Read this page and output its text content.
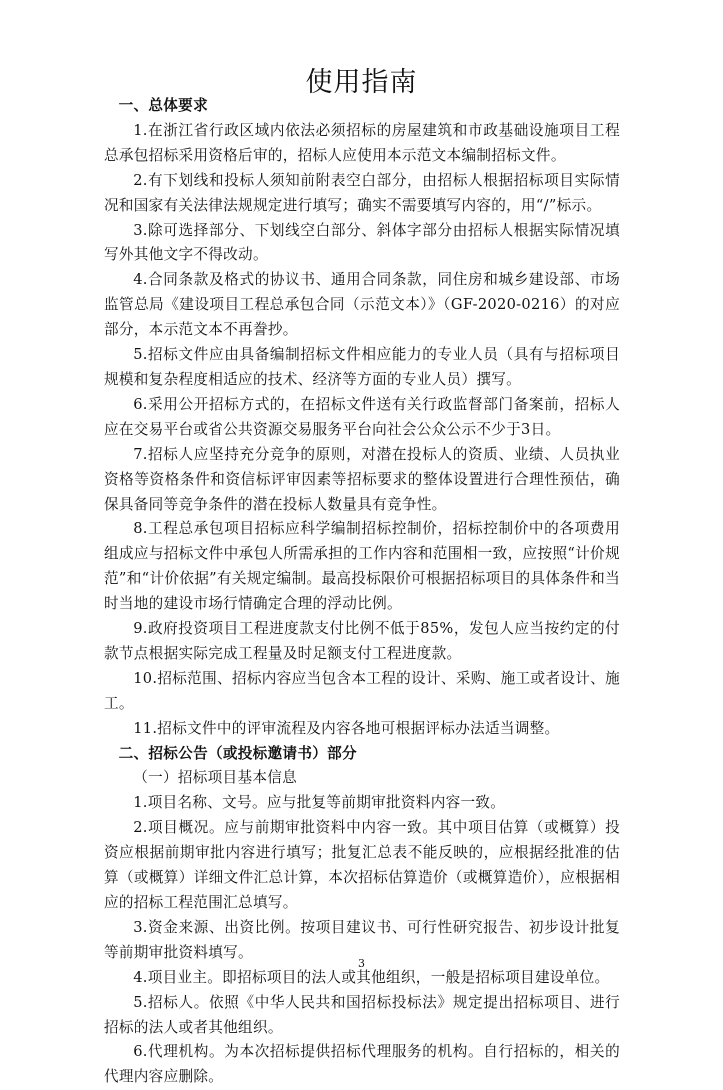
使用指南

一、总体要求

1.在浙江省行政区域内依法必须招标的房屋建筑和市政基础设施项目工程总承包招标采用资格后审的，招标人应使用本示范文本编制招标文件。

2.有下划线和投标人须知前附表空白部分，由招标人根据招标项目实际情况和国家有关法律法规规定进行填写；确实不需要填写内容的，用“/”标示。

3.除可选择部分、下划线空白部分、斜体字部分由招标人根据实际情况填写外其他文字不得改动。

4.合同条款及格式的协议书、通用合同条款，同住房和城乡建设部、市场监管总局《建设项目工程总承包合同（示范文本）》（GF-2020-0216）的对应部分，本示范文本不再誊抄。

5.招标文件应由具备编制招标文件相应能力的专业人员（具有与招标项目规模和复杂程度相适应的技术、经济等方面的专业人员）撰写。

6.采用公开招标方式的，在招标文件送有关行政监督部门备案前，招标人应在交易平台或省公共资源交易服务平台向社会公众公示不少于3日。

7.招标人应坚持充分竞争的原则，对潜在投标人的资质、业绩、人员执业资格等资格条件和资信标评审因素等招标要求的整体设置进行合理性预估，确保具备同等竞争条件的潜在投标人数量具有竞争性。

8.工程总承包项目招标应科学编制招标控制价，招标控制价中的各项费用组成应与招标文件中承包人所需承担的工作内容和范围相一致，应按照“计价规范”和“计价依据”有关规定编制。最高投标限价可根据招标项目的具体条件和当时当地的建设市场行情确定合理的浮动比例。

9.政府投资项目工程进度款支付比例不低于85%，发包人应当按约定的付款节点根据实际完成工程量及时足额支付工程进度款。

10.招标范围、招标内容应当包含本工程的设计、采购、施工或者设计、施工。

11.招标文件中的评审流程及内容各地可根据评标办法适当调整。

二、招标公告（或投标邀请书）部分

（一）招标项目基本信息

1.项目名称、文号。应与批复等前期审批资料内容一致。

2.项目概况。应与前期审批资料中内容一致。其中项目估算（或概算）投资应根据前期审批内容进行填写；批复汇总表不能反映的，应根据经批准的估算（或概算）详细文件汇总计算，本次招标估算造价（或概算造价），应根据相应的招标工程范围汇总填写。

3.资金来源、出资比例。按项目建议书、可行性研究报告、初步设计批复等前期审批资料填写。

4.项目业主。即招标项目的法人或其他组织，一般是招标项目建设单位。

5.招标人。依照《中华人民共和国招标投标法》规定提出招标项目、进行招标的法人或者其他组织。

6.代理机构。为本次招标提供招标代理服务的机构。自行招标的，相关的代理内容应删除。

3
